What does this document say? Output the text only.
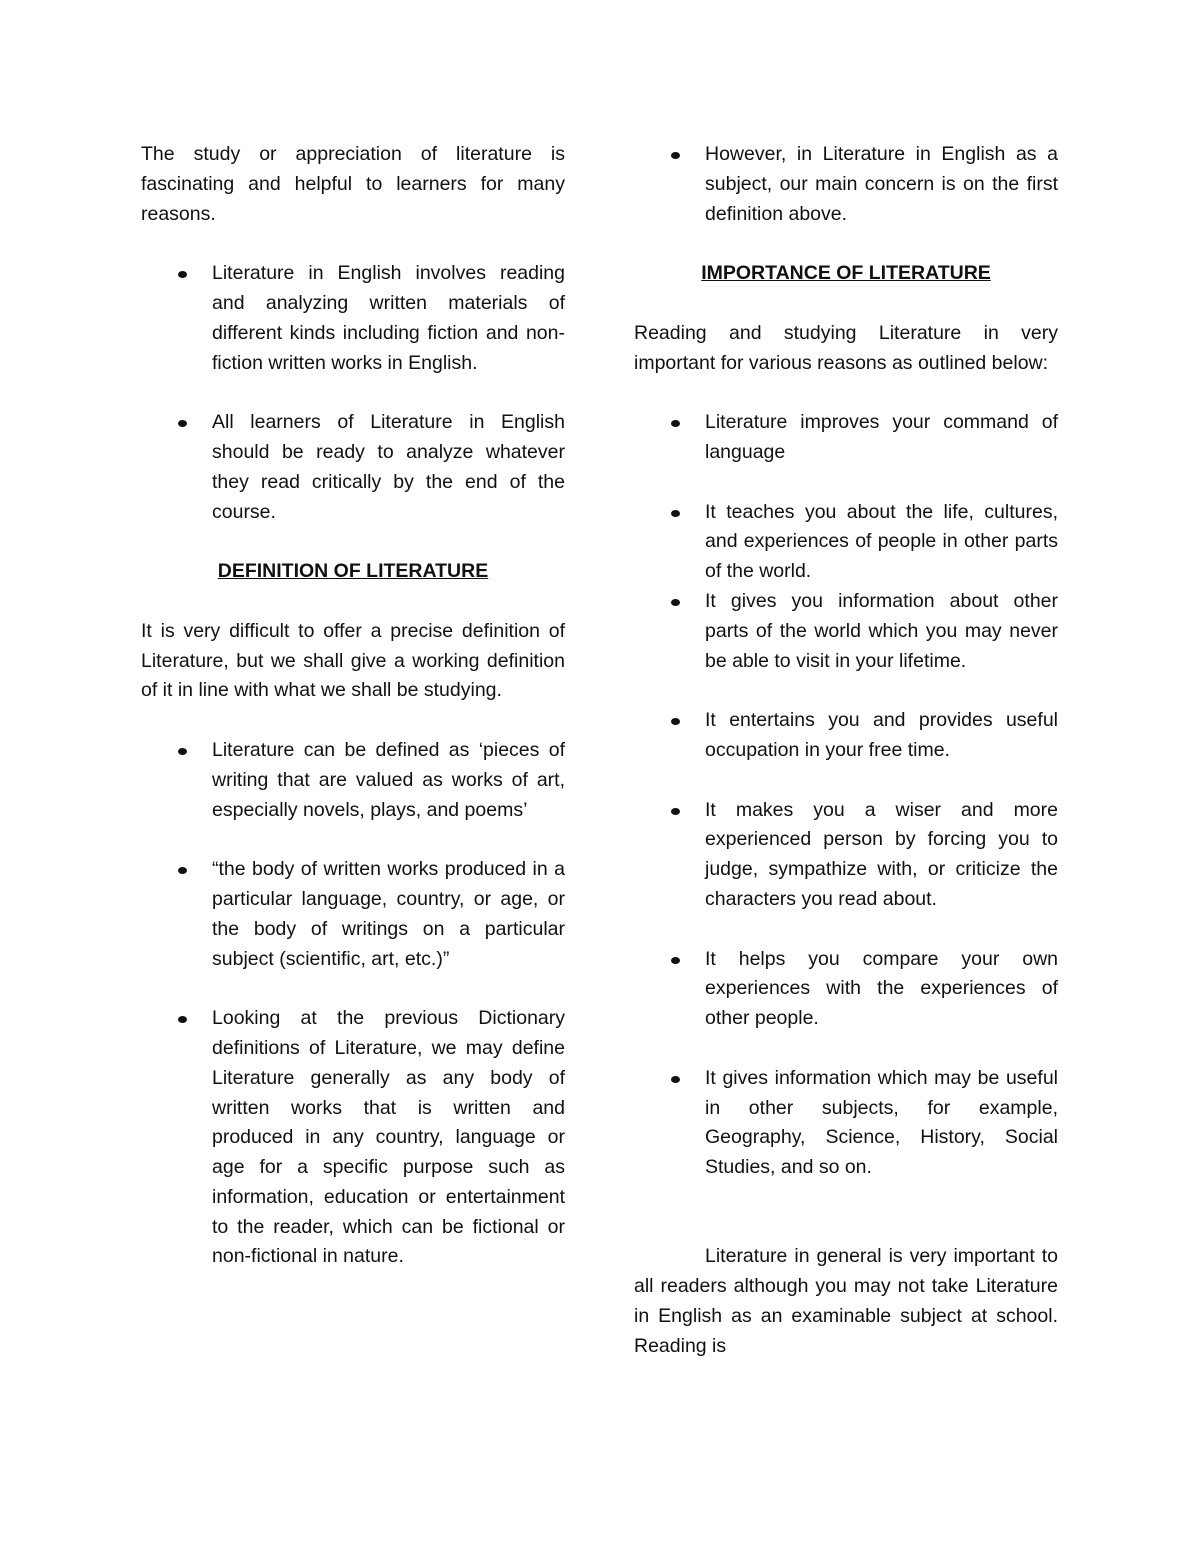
The study or appreciation of literature is fascinating and helpful to learners for many reasons.

Literature in English involves reading and analyzing written materials of different kinds including fiction and non-fiction written works in English.
All learners of Literature in English should be ready to analyze whatever they read critically by the end of the course.

DEFINITION OF LITERATURE

It is very difficult to offer a precise definition of Literature, but we shall give a working definition of it in line with what we shall be studying.

Literature can be defined as ‘pieces of writing that are valued as works of art, especially novels, plays, and poems’
“the body of written works produced in a particular language, country, or age, or the body of writings on a particular subject (scientific, art, etc.)”
Looking at the previous Dictionary definitions of Literature, we may define Literature generally as any body of written works that is written and produced in any country, language or age for a specific purpose such as information, education or entertainment to the reader, which can be fictional or non-fictional in nature.
However, in Literature in English as a subject, our main concern is on the first definition above.

IMPORTANCE OF LITERATURE

Reading and studying Literature in very important for various reasons as outlined below:

Literature improves your command of language
It teaches you about the life, cultures, and experiences of people in other parts of the world.
It gives you information about other parts of the world which you may never be able to visit in your lifetime.
It entertains you and provides useful occupation in your free time.
It makes you a wiser and more experienced person by forcing you to judge, sympathize with, or criticize the characters you read about.
It helps you compare your own experiences with the experiences of other people.
It gives information which may be useful in other subjects, for example, Geography, Science, History, Social Studies, and so on.

Literature in general is very important to all readers although you may not take Literature in English as an examinable subject at school. Reading is
